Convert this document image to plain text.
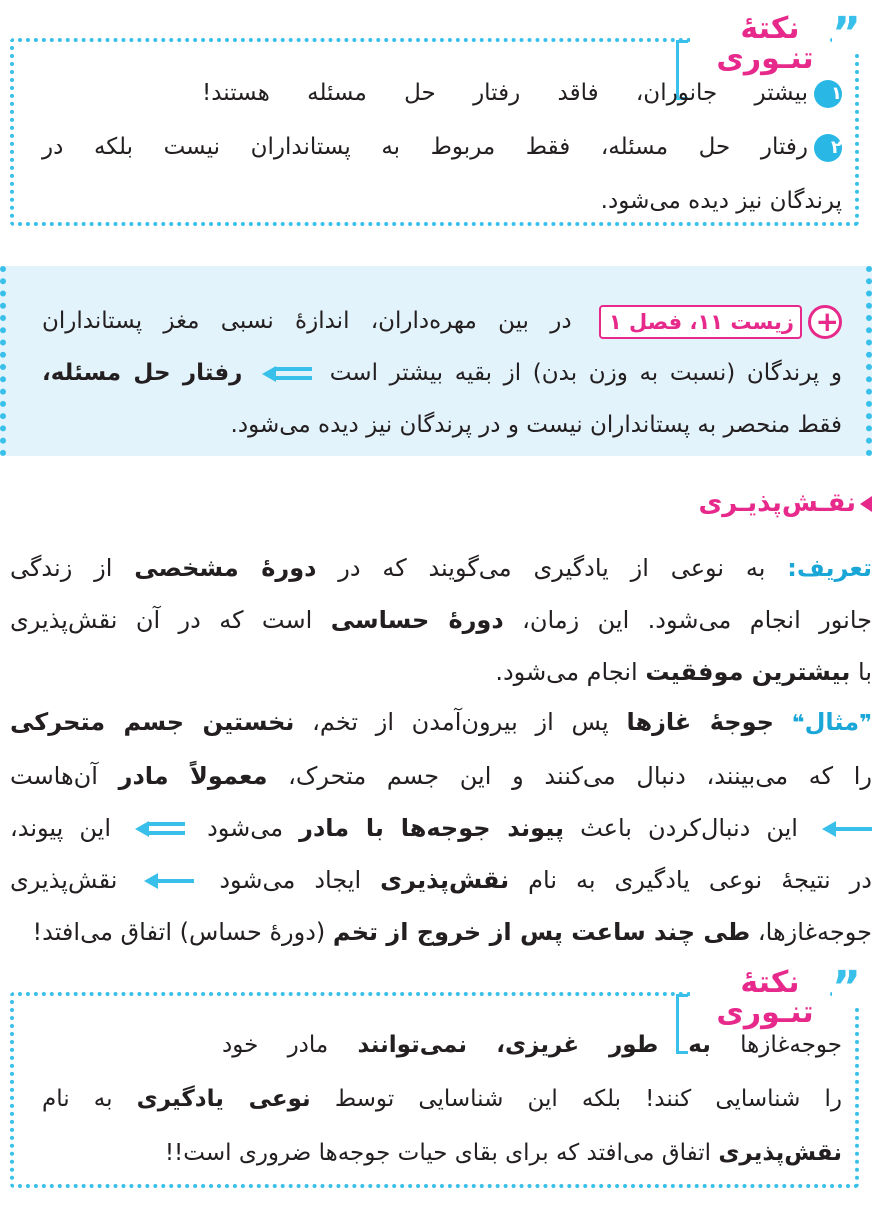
نکتهٔ
تنـوری ”
۱بیشتر جانوران، فاقد رفتار حل مسئله هستند!
۲رفتار حل مسئله، فقط مربوط به پستانداران نیست بلکه در
پرندگان نیز دیده می‌شود.
+زیست ۱۱، فصل ۱ در بین مهره‌داران، اندازهٔ نسبی مغز پستانداران
و پرندگان (نسبت به وزن بدن) از بقیه بیشتر است  رفتار حل مسئله،
فقط منحصر به پستانداران نیست و در پرندگان نیز دیده می‌شود.
نقـش‌پذیـری
تعریف: به نوعی از یادگیری می‌گویند که در دورهٔ مشخصی از زندگی
جانور انجام می‌شود. این زمان، دورهٔ حساسی است که در آن نقش‌پذیری
با بیشترین موفقیت انجام می‌شود.
❞مثال❝ جوجهٔ غازها پس از بیرون‌آمدن از تخم، نخستین جسم متحرکی
را که می‌بینند، دنبال می‌کنند و این جسم متحرک، معمولاً مادر آن‌هاست
این دنبال‌کردن باعث پیوند جوجه‌ها با مادر می‌شود  این پیوند،
در نتیجهٔ نوعی یادگیری به نام نقش‌پذیری ایجاد می‌شود  نقش‌پذیری
جوجه‌غازها، طی چند ساعت پس از خروج از تخم (دورهٔ حساس) اتفاق می‌افتد!
نکتهٔ
تنـوری ”
جوجه‌غازها به طور غریزی، نمی‌توانند مادر خود
را شناسایی کنند! بلکه این شناسایی توسط نوعی یادگیری به نام
نقش‌پذیری اتفاق می‌افتد که برای بقای حیات جوجه‌ها ضروری است!!
